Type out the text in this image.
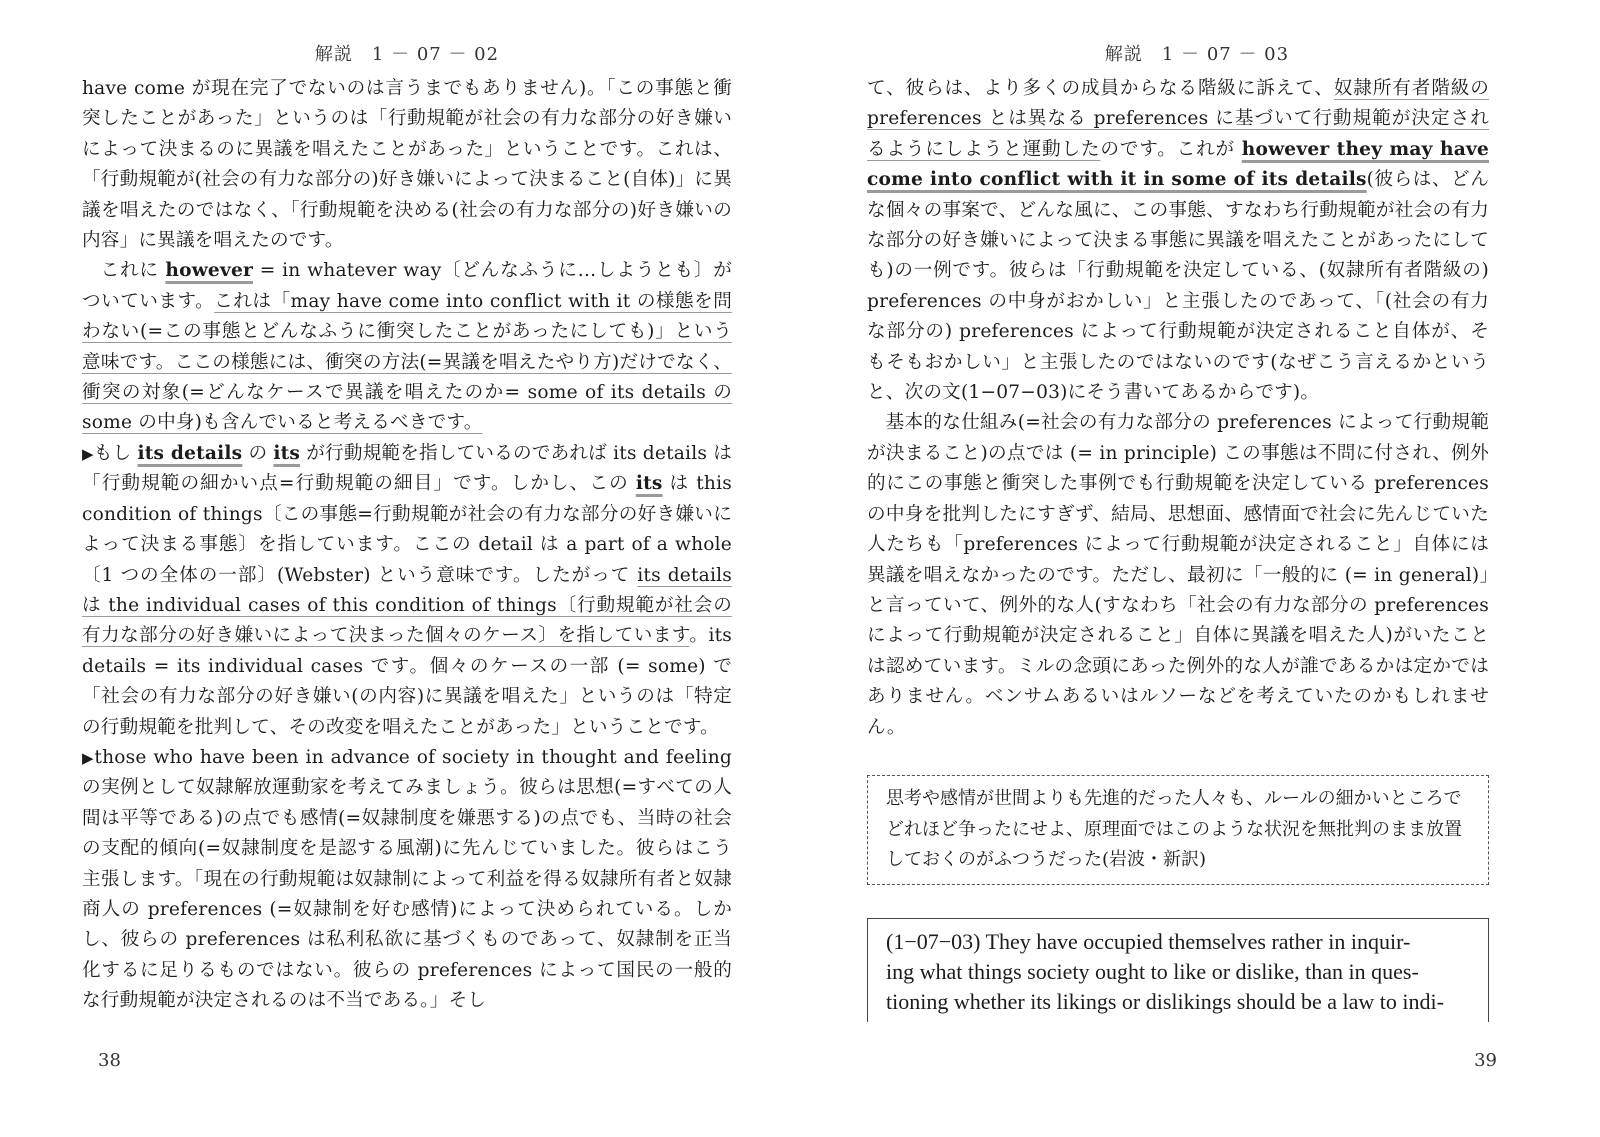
解説　1 － 07 － 02

have come が現在完了でないのは言うまでもありません)。「この事態と衝突したことがあった」というのは「行動規範が社会の有力な部分の好き嫌いによって決まるのに異議を唱えたことがあった」ということです。これは、「行動規範が(社会の有力な部分の)好き嫌いによって決まること(自体)」に異議を唱えたのではなく、「行動規範を決める(社会の有力な部分の)好き嫌いの内容」に異議を唱えたのです。

これに however = in whatever way〔どんなふうに…しようとも〕がついています。これは「may have come into conflict with it の様態を問わない(=この事態とどんなふうに衝突したことがあったにしても)」という意味です。ここの様態には、衝突の方法(=異議を唱えたやり方)だけでなく、衝突の対象(=どんなケースで異議を唱えたのか= some of its details の some の中身)も含んでいると考えるべきです。

▶ もし its details の its が行動規範を指しているのであれば its details は「行動規範の細かい点=行動規範の細目」です。しかし、この its は this condition of things〔この事態=行動規範が社会の有力な部分の好き嫌いによって決まる事態〕を指しています。ここの detail は a part of a whole〔1 つの全体の一部〕(Webster) という意味です。したがって its details は the individual cases of this condition of things〔行動規範が社会の有力な部分の好き嫌いによって決まった個々のケース〕を指しています。its details = its individual cases です。個々のケースの一部 (= some) で「社会の有力な部分の好き嫌い(の内容)に異議を唱えた」というのは「特定の行動規範を批判して、その改変を唱えたことがあった」ということです。

▶ those who have been in advance of society in thought and feeling の実例として奴隷解放運動家を考えてみましょう。彼らは思想(=すべての人間は平等である)の点でも感情(=奴隷制度を嫌悪する)の点でも、当時の社会の支配的傾向(=奴隷制度を是認する風潮)に先んじていました。彼らはこう主張します。「現在の行動規範は奴隷制によって利益を得る奴隷所有者と奴隷商人の preferences (=奴隷制を好む感情)によって決められている。しかし、彼らの preferences は私利私欲に基づくものであって、奴隷制を正当化するに足りるものではない。彼らの preferences によって国民の一般的な行動規範が決定されるのは不当である。」そし

38
解説　1 － 07 － 03

て、彼らは、より多くの成員からなる階級に訴えて、奴隷所有者階級の preferences とは異なる preferences に基づいて行動規範が決定されるようにしようと運動したのです。これが however they may have come into conflict with it in some of its details(彼らは、どんな個々の事案で、どんな風に、この事態、すなわち行動規範が社会の有力な部分の好き嫌いによって決まる事態に異議を唱えたことがあったにしても)の一例です。彼らは「行動規範を決定している、(奴隷所有者階級の) preferences の中身がおかしい」と主張したのであって、「(社会の有力な部分の) preferences によって行動規範が決定されること自体が、そもそもおかしい」と主張したのではないのです(なぜこう言えるかというと、次の文(1−07−03)にそう書いてあるからです)。

基本的な仕組み(=社会の有力な部分の preferences によって行動規範が決まること)の点では (= in principle) この事態は不問に付され、例外的にこの事態と衝突した事例でも行動規範を決定している preferences の中身を批判したにすぎず、結局、思想面、感情面で社会に先んじていた人たちも「preferences によって行動規範が決定されること」自体には異議を唱えなかったのです。ただし、最初に「一般的に (= in general)」と言っていて、例外的な人(すなわち「社会の有力な部分の preferences によって行動規範が決定されること」自体に異議を唱えた人)がいたことは認めています。ミルの念頭にあった例外的な人が誰であるかは定かではありません。ベンサムあるいはルソーなどを考えていたのかもしれません。

思考や感情が世間よりも先進的だった人々も、ルールの細かいところでどれほど争ったにせよ、原理面ではこのような状況を無批判のまま放置しておくのがふつうだった(岩波・新訳)
(1−07−03) They have occupied themselves rather in inquir-
ing what things society ought to like or dislike, than in ques-
tioning whether its likings or dislikings should be a law to indi-
39
